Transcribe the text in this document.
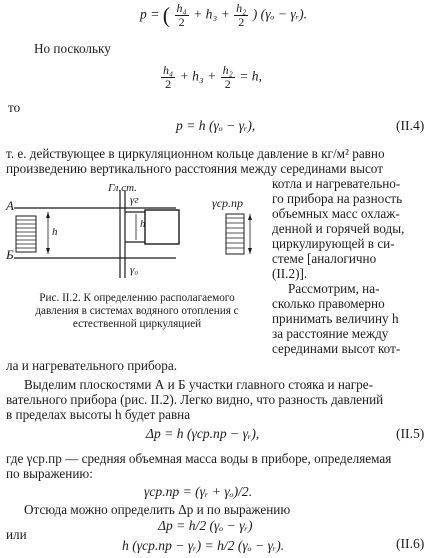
p = ( $\frac{\text{h₄}}{2} + h_3 + \frac{\text{h₂}}{2}$ ) (γₒ − γᵣ).
Но поскольку
$\frac{\text{h₄}}{2} + h_3 + \frac{\text{h₂}}{2} = h$,
то
p = h (γₒ − γᵣ),	(II.4)
т. е. действующее в циркуляционном кольце давление в кг/м² равно
произведению вертикального расстояния между серединами высот
котла и нагревательно-
го прибора на разность
объемных масс охлаж-
денной и горячей воды,
циркулирующей в си-
стеме [аналогично
(II.2)].
Рассмотрим, на-
сколько правомерно
принимать величину h
за расстояние между
серединами высот кот-
Гл.ст.
А
Б
γг
γ₀
h
h
γср.пр
Рис. II.2. К определению располагаемого давления в системах водяного отопления с естественной циркуляцией
ла и нагревательного прибора.
Выделим плоскостями А и Б участки главного стояка и нагре-
вательного прибора (рис. II.2). Легко видно, что разность давлений
в пределах высоты h будет равна
Δp = h (γср.пр − γᵣ),	(II.5)
где γср.пр — средняя объемная масса воды в приборе, определяемая
по выражению:
γср.пр = (γᵣ + γₒ)/2.
Отсюда можно определить Δp и по выражению
Δp = h/2 (γₒ − γᵣ)
или
h (γср.пр − γᵣ) = h/2 (γₒ − γᵣ).	(II.6)
